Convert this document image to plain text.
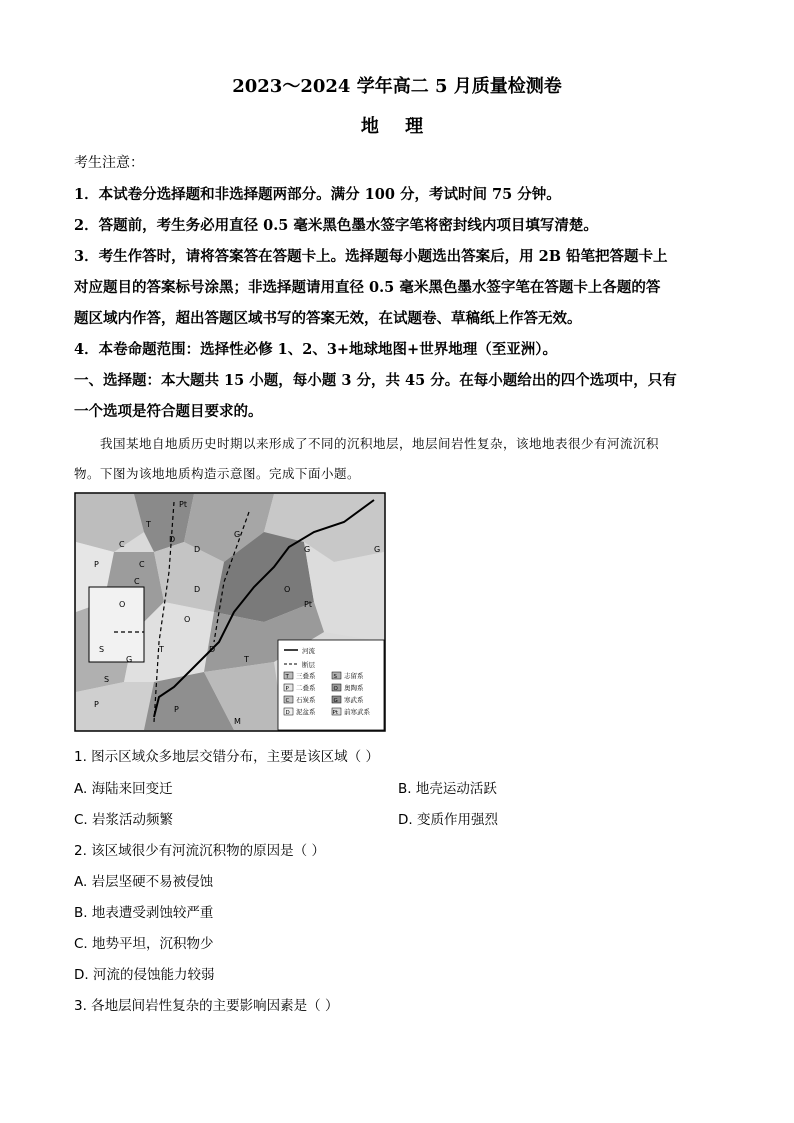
2023～2024 学年高二 5 月质量检测卷
地 理
考生注意：
1．本试卷分选择题和非选择题两部分。满分 100 分，考试时间 75 分钟。
2．答题前，考生务必用直径 0.5 毫米黑色墨水签字笔将密封线内项目填写清楚。
3．考生作答时，请将答案答在答题卡上。选择题每小题选出答案后，用 2B 铅笔把答题卡上
对应题目的答案标号涂黑；非选择题请用直径 0.5 毫米黑色墨水签字笔在答题卡上各题的答
题区域内作答，超出答题区域书写的答案无效，在试题卷、草稿纸上作答无效。
4．本卷命题范围：选择性必修 1、2、3+地球地图+世界地理（至亚洲）。
一、选择题：本大题共 15 小题，每小题 3 分，共 45 分。在每小题给出的四个选项中，只有
一个选项是符合题目要求的。
我国某地自地质历史时期以来形成了不同的沉积地层，地层间岩性复杂，该地地表很少有河流沉积
物。下图为该地地质构造示意图。完成下面小题。
T
P	C
D
O
S
G
Pt
D
T
O
G
S
P
D	O
G
C
D
T
P
M
G
Pt
C
河流
断层
T 三叠系	S 志留系
P 二叠系	O 奥陶系
C 石炭系	G 寒武系
D 泥盆系	Pt 前寒武系
1. 图示区域众多地层交错分布，主要是该区域（ ）
A. 海陆来回变迁	B. 地壳运动活跃
C. 岩浆活动频繁	D. 变质作用强烈
2. 该区域很少有河流沉积物的原因是（ ）
A. 岩层坚硬不易被侵蚀
B. 地表遭受剥蚀较严重
C. 地势平坦，沉积物少
D. 河流的侵蚀能力较弱
3. 各地层间岩性复杂的主要影响因素是（ ）
